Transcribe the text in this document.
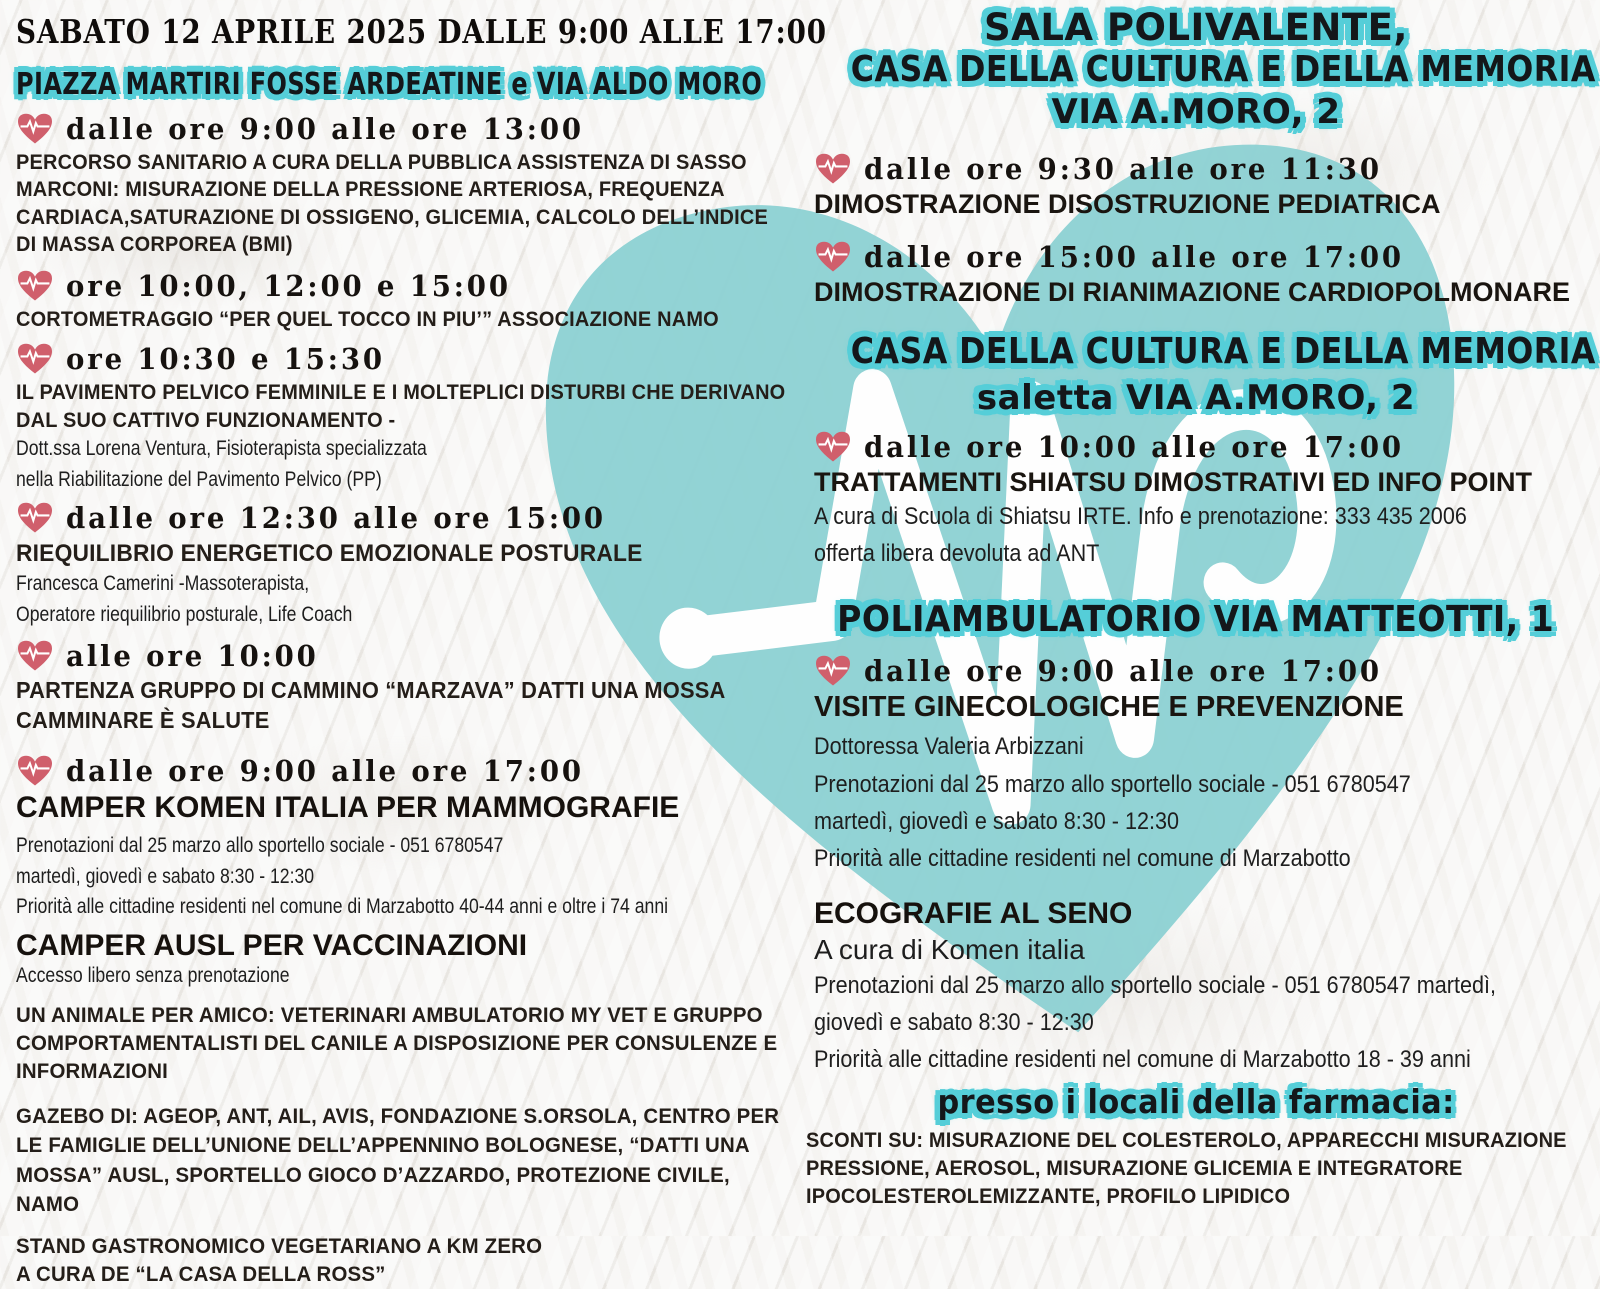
SABATO 12 APRILE 2025 DALLE 9:00 ALLE 17:00
PIAZZA MARTIRI FOSSE ARDEATINE e VIA ALDO MORO
dalle ore 9:00 alle ore 13:00
PERCORSO SANITARIO A CURA DELLA PUBBLICA ASSISTENZA DI SASSO MARCONI: MISURAZIONE DELLA PRESSIONE ARTERIOSA, FREQUENZA CARDIACA,SATURAZIONE DI OSSIGENO, GLICEMIA, CALCOLO DELL’INDICE DI MASSA CORPOREA (BMI)
ore 10:00, 12:00 e 15:00
CORTOMETRAGGIO “PER QUEL TOCCO IN PIU’” ASSOCIAZIONE NAMO
ore 10:30 e 15:30
IL PAVIMENTO PELVICO FEMMINILE E I MOLTEPLICI DISTURBI CHE DERIVANO DAL SUO CATTIVO FUNZIONAMENTO -
Dott.ssa Lorena Ventura, Fisioterapista specializzata
nella Riabilitazione del Pavimento Pelvico (PP)
dalle ore 12:30 alle ore 15:00
RIEQUILIBRIO ENERGETICO EMOZIONALE POSTURALE
Francesca Camerini -Massoterapista,
Operatore riequilibrio posturale, Life Coach
alle ore 10:00
PARTENZA GRUPPO DI CAMMINO “MARZAVA” DATTI UNA MOSSA
CAMMINARE È SALUTE
dalle ore 9:00 alle ore 17:00
CAMPER KOMEN ITALIA PER MAMMOGRAFIE
Prenotazioni dal 25 marzo allo sportello sociale - 051 6780547
martedì, giovedì e sabato 8:30 - 12:30
Priorità alle cittadine residenti nel comune di Marzabotto 40-44 anni e oltre i 74 anni
CAMPER AUSL PER VACCINAZIONI
Accesso libero senza prenotazione
UN ANIMALE PER AMICO: VETERINARI AMBULATORIO MY VET E GRUPPO COMPORTAMENTALISTI DEL CANILE A DISPOSIZIONE PER CONSULENZE E INFORMAZIONI
GAZEBO DI: AGEOP, ANT, AIL, AVIS, FONDAZIONE S.ORSOLA, CENTRO PER LE FAMIGLIE DELL’UNIONE DELL’APPENNINO BOLOGNESE, “DATTI UNA MOSSA” AUSL, SPORTELLO GIOCO D’AZZARDO, PROTEZIONE CIVILE, NAMO
STAND GASTRONOMICO VEGETARIANO A KM ZERO
A CURA DE “LA CASA DELLA ROSS”
SALA POLIVALENTE,
CASA DELLA CULTURA E DELLA MEMORIA
VIA A.MORO, 2
dalle ore 9:30 alle ore 11:30
DIMOSTRAZIONE DISOSTRUZIONE PEDIATRICA
dalle ore 15:00 alle ore 17:00
DIMOSTRAZIONE DI RIANIMAZIONE CARDIOPOLMONARE
CASA DELLA CULTURA E DELLA MEMORIA
saletta VIA A.MORO, 2
dalle ore 10:00 alle ore 17:00
TRATTAMENTI SHIATSU DIMOSTRATIVI ED INFO POINT
A cura di Scuola di Shiatsu IRTE. Info e prenotazione: 333 435 2006
offerta libera devoluta ad ANT
POLIAMBULATORIO VIA MATTEOTTI, 1
dalle ore 9:00 alle ore 17:00
VISITE GINECOLOGICHE E PREVENZIONE
Dottoressa Valeria Arbizzani
Prenotazioni dal 25 marzo allo sportello sociale - 051 6780547
martedì, giovedì e sabato 8:30 - 12:30
Priorità alle cittadine residenti nel comune di Marzabotto
ECOGRAFIE AL SENO
A cura di Komen italia
Prenotazioni dal 25 marzo allo sportello sociale - 051 6780547 martedì,
giovedì e sabato 8:30 - 12:30
Priorità alle cittadine residenti nel comune di Marzabotto 18 - 39 anni
presso i locali della farmacia:
SCONTI SU: MISURAZIONE DEL COLESTEROLO, APPARECCHI MISURAZIONE PRESSIONE, AEROSOL, MISURAZIONE GLICEMIA E INTEGRATORE IPOCOLESTEROLEMIZZANTE, PROFILO LIPIDICO
